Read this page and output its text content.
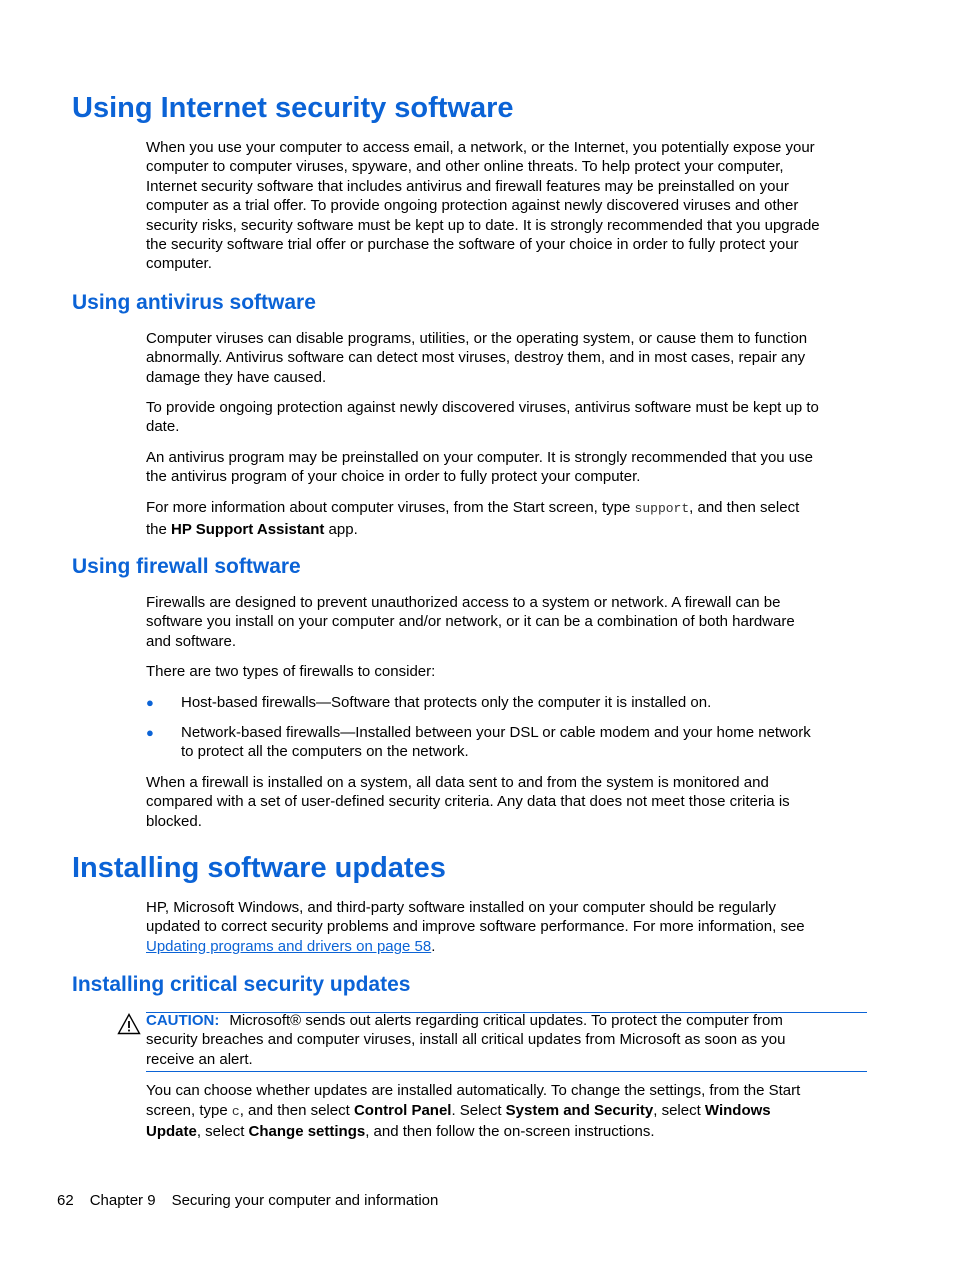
Using Internet security software
When you use your computer to access email, a network, or the Internet, you potentially expose your
computer to computer viruses, spyware, and other online threats. To help protect your computer,
Internet security software that includes antivirus and firewall features may be preinstalled on your
computer as a trial offer. To provide ongoing protection against newly discovered viruses and other
security risks, security software must be kept up to date. It is strongly recommended that you upgrade
the security software trial offer or purchase the software of your choice in order to fully protect your
computer.
Using antivirus software
Computer viruses can disable programs, utilities, or the operating system, or cause them to function
abnormally. Antivirus software can detect most viruses, destroy them, and in most cases, repair any
damage they have caused.
To provide ongoing protection against newly discovered viruses, antivirus software must be kept up to
date.
An antivirus program may be preinstalled on your computer. It is strongly recommended that you use
the antivirus program of your choice in order to fully protect your computer.
For more information about computer viruses, from the Start screen, type support, and then select
the HP Support Assistant app.
Using firewall software
Firewalls are designed to prevent unauthorized access to a system or network. A firewall can be
software you install on your computer and/or network, or it can be a combination of both hardware
and software.
There are two types of firewalls to consider:
● Host-based firewalls—Software that protects only the computer it is installed on.
● Network-based firewalls—Installed between your DSL or cable modem and your home network
to protect all the computers on the network.
When a firewall is installed on a system, all data sent to and from the system is monitored and
compared with a set of user-defined security criteria. Any data that does not meet those criteria is
blocked.
Installing software updates
HP, Microsoft Windows, and third-party software installed on your computer should be regularly
updated to correct security problems and improve software performance. For more information, see
Updating programs and drivers on page 58.
Installing critical security updates
CAUTION: Microsoft® sends out alerts regarding critical updates. To protect the computer from
security breaches and computer viruses, install all critical updates from Microsoft as soon as you
receive an alert.
You can choose whether updates are installed automatically. To change the settings, from the Start
screen, type c, and then select Control Panel. Select System and Security, select Windows
Update, select Change settings, and then follow the on-screen instructions.
62 Chapter 9 Securing your computer and information
